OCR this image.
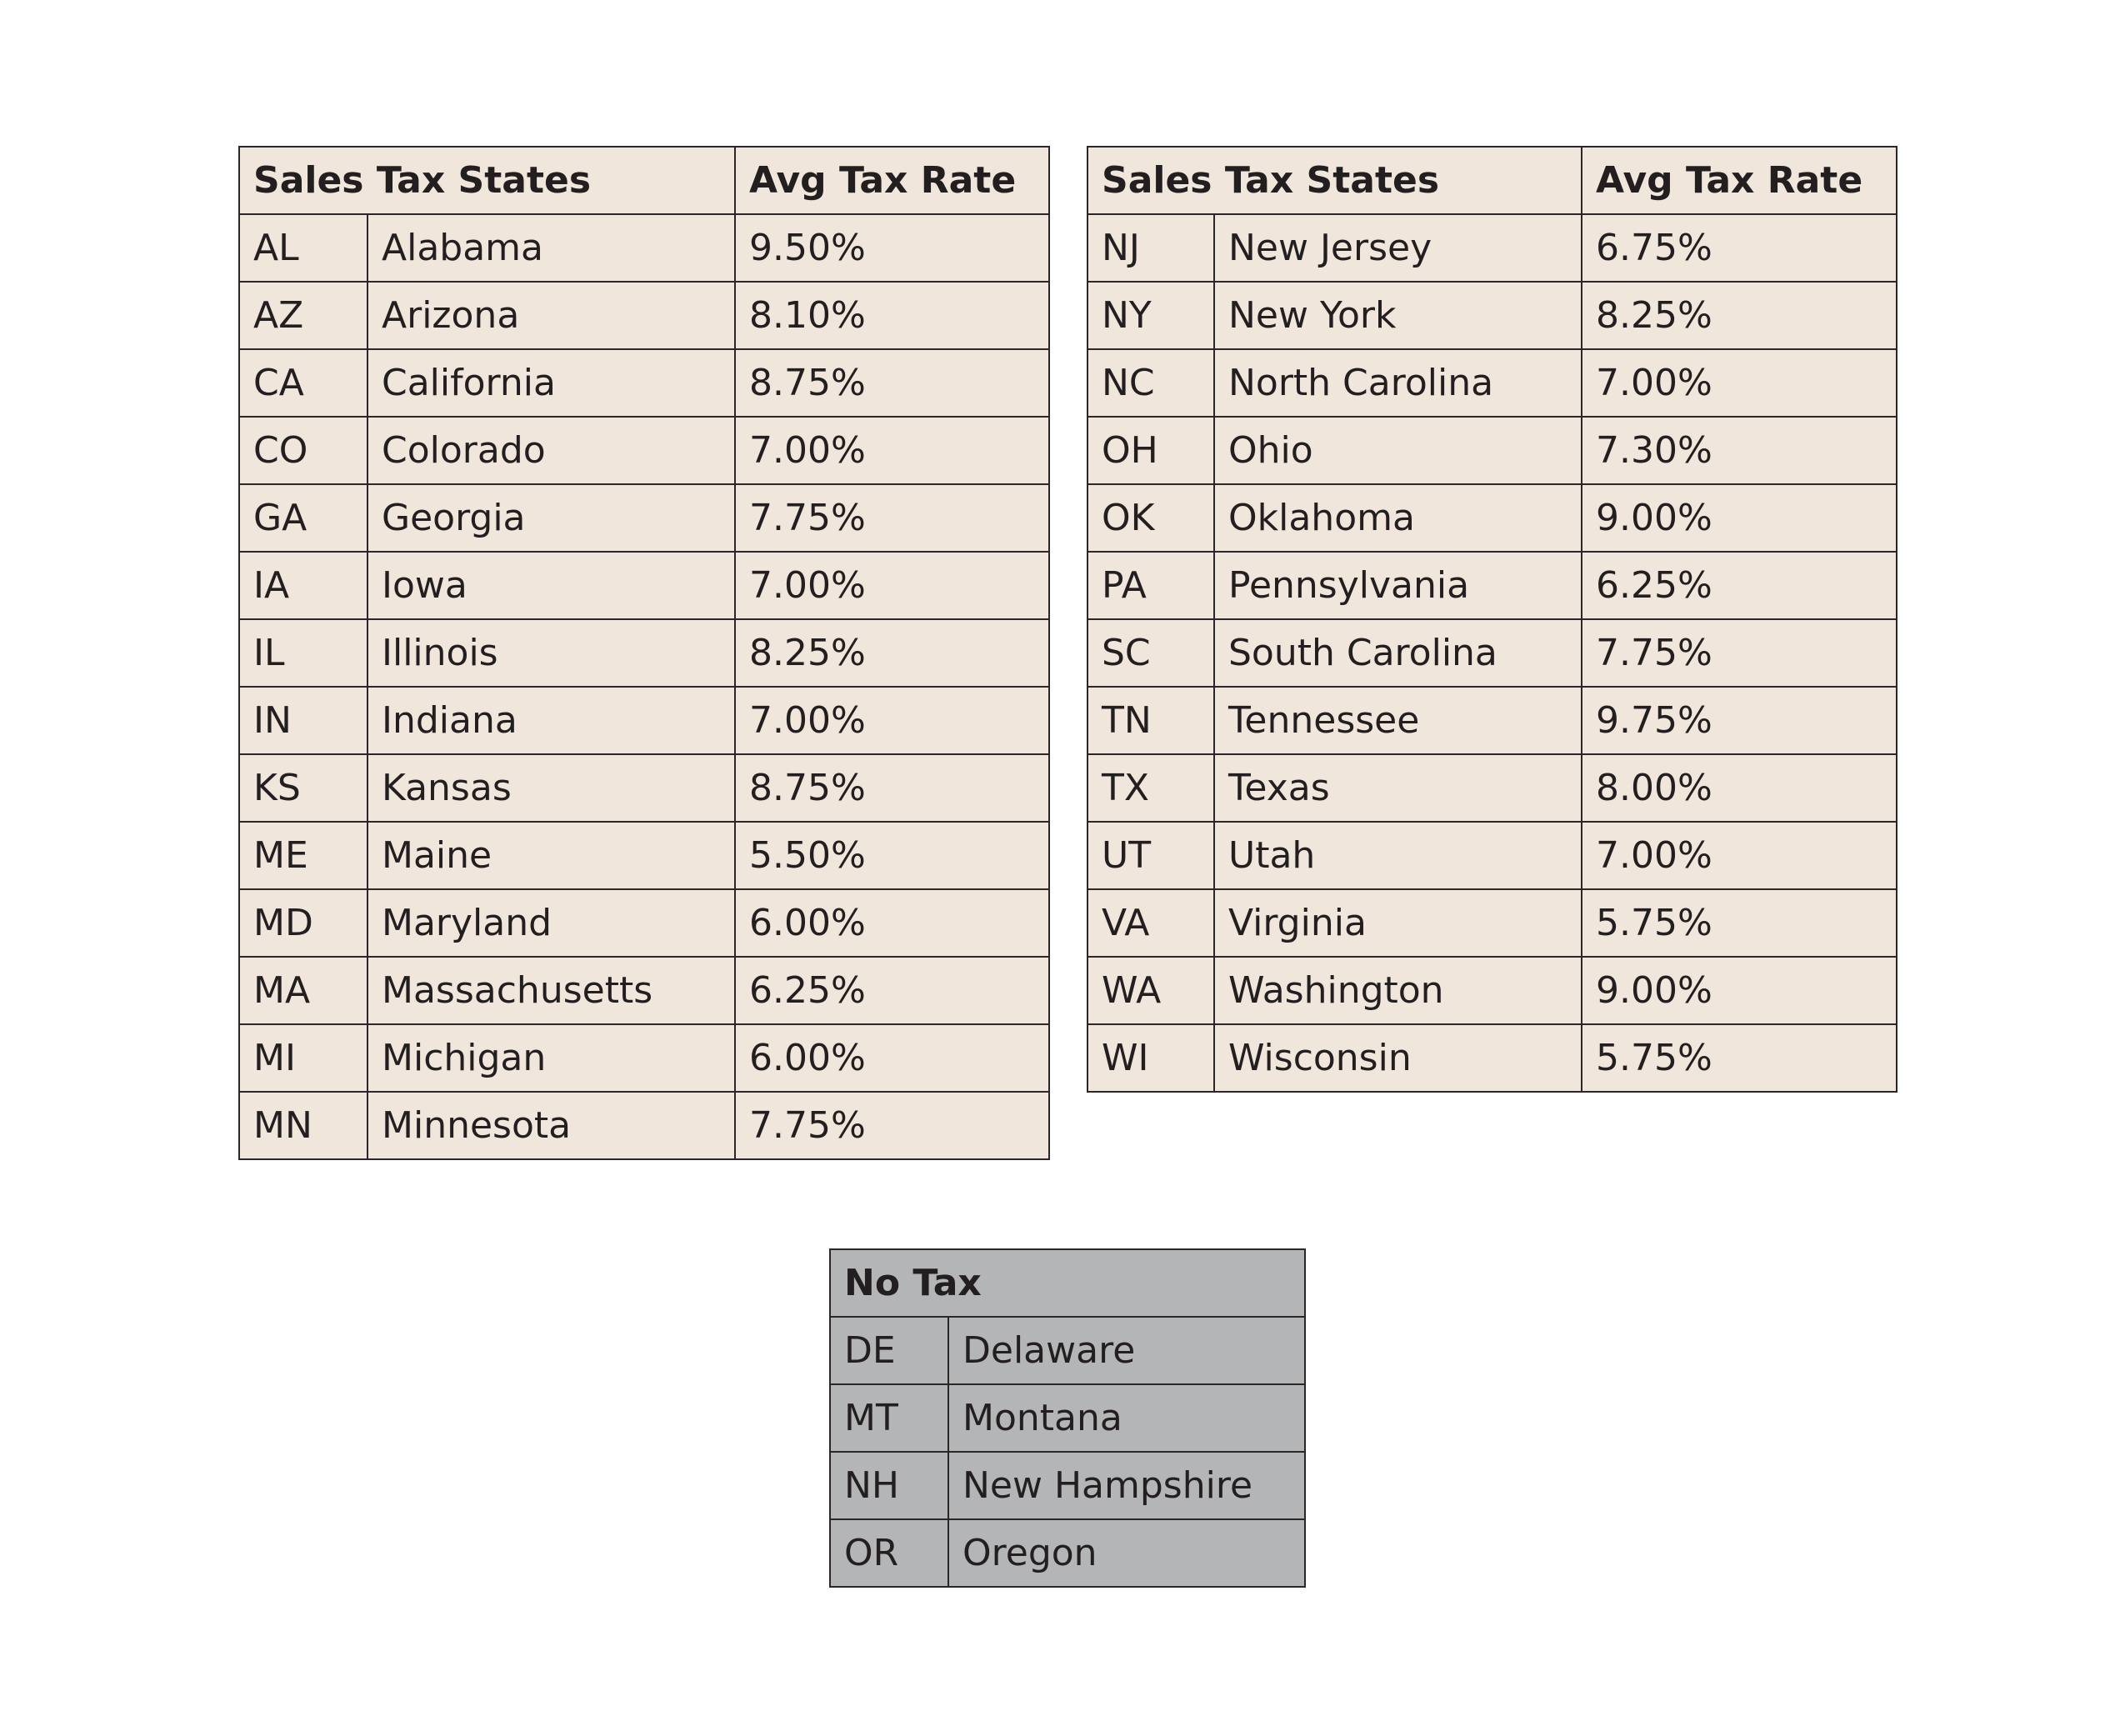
Sales Tax States		Avg Tax Rate
AL	Alabama	9.50%
AZ	Arizona	8.10%
CA	California	8.75%
CO	Colorado	7.00%
GA	Georgia	7.75%
IA	Iowa	7.00%
IL	Illinois	8.25%
IN	Indiana	7.00%
KS	Kansas	8.75%
ME	Maine	5.50%
MD	Maryland	6.00%
MA	Massachusetts	6.25%
MI	Michigan	6.00%
MN	Minnesota	7.75%
Sales Tax States		Avg Tax Rate
NJ	New Jersey	6.75%
NY	New York	8.25%
NC	North Carolina	7.00%
OH	Ohio	7.30%
OK	Oklahoma	9.00%
PA	Pennsylvania	6.25%
SC	South Carolina	7.75%
TN	Tennessee	9.75%
TX	Texas	8.00%
UT	Utah	7.00%
VA	Virginia	5.75%
WA	Washington	9.00%
WI	Wisconsin	5.75%
No Tax	
DE	Delaware
MT	Montana
NH	New Hampshire
OR	Oregon
